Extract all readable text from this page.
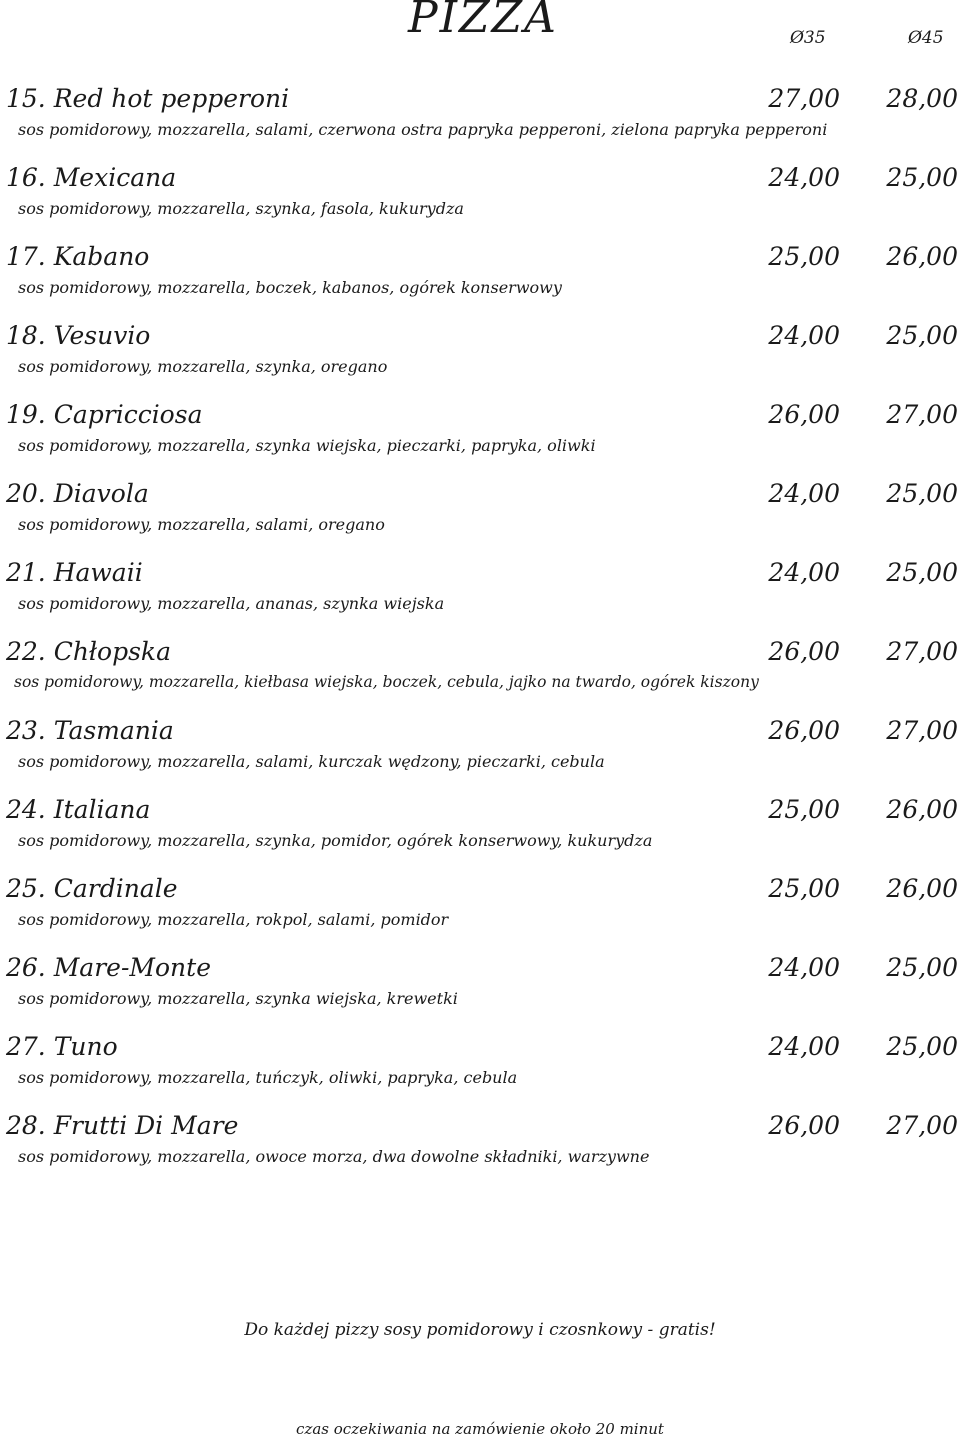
PIZZA	Ø35	Ø45
15. Red hot pepperoni	27,00	28,00
sos pomidorowy, mozzarella, salami, czerwona ostra papryka pepperoni, zielona papryka pepperoni
16. Mexicana	24,00	25,00
sos pomidorowy, mozzarella, szynka, fasola, kukurydza
17. Kabano	25,00	26,00
sos pomidorowy, mozzarella, boczek, kabanos, ogórek konserwowy
18. Vesuvio	24,00	25,00
sos pomidorowy, mozzarella, szynka, oregano
19. Capricciosa	26,00	27,00
sos pomidorowy, mozzarella, szynka wiejska, pieczarki, papryka, oliwki
20. Diavola	24,00	25,00
sos pomidorowy, mozzarella, salami, oregano
21. Hawaii	24,00	25,00
sos pomidorowy, mozzarella, ananas, szynka wiejska
22. Chłopska	26,00	27,00
sos pomidorowy, mozzarella, kiełbasa wiejska, boczek, cebula, jajko na twardo, ogórek kiszony
23. Tasmania	26,00	27,00
sos pomidorowy, mozzarella, salami, kurczak wędzony, pieczarki, cebula
24. Italiana	25,00	26,00
sos pomidorowy, mozzarella, szynka, pomidor, ogórek konserwowy, kukurydza
25. Cardinale	25,00	26,00
sos pomidorowy, mozzarella, rokpol, salami, pomidor
26. Mare-Monte	24,00	25,00
sos pomidorowy, mozzarella, szynka wiejska, krewetki
27. Tuno	24,00	25,00
sos pomidorowy, mozzarella, tuńczyk, oliwki, papryka, cebula
28. Frutti Di Mare	26,00	27,00
sos pomidorowy, mozzarella, owoce morza, dwa dowolne składniki, warzywne
Do każdej pizzy sosy pomidorowy i czosnkowy - gratis!
czas oczekiwania na zamówienie około 20 minut
